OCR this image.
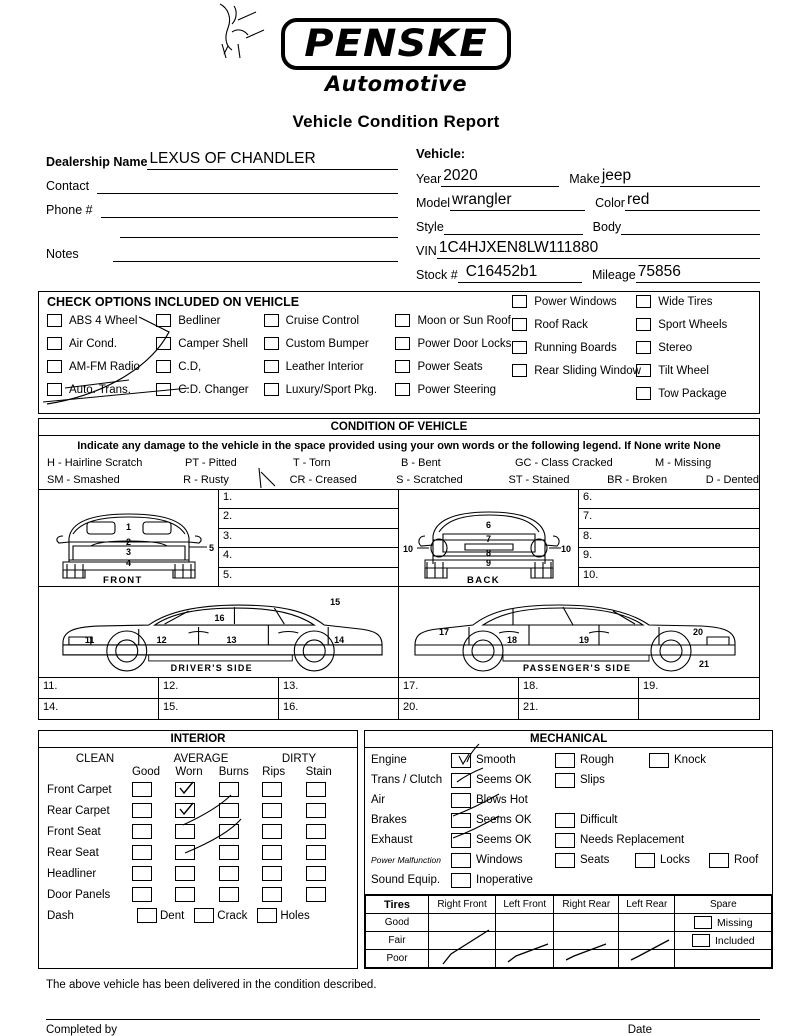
PENSKE
Automotive
Vehicle Condition Report
Dealership Name LEXUS OF CHANDLER
Contact
Phone #
Notes
Vehicle:
Year 2020	Make jeep
Model wrangler	Color red
Style	Body
VIN 1C4HJXEN8LW111880
Stock # C16452b1	Mileage 75856
CHECK OPTIONS INCLUDED ON VEHICLE
ABS 4 Wheel
Air Cond.
AM-FM Radio
Auto. Trans.
Bedliner
Camper Shell
C.D,
C.D. Changer
Cruise Control
Custom Bumper
Leather Interior
Luxury/Sport Pkg.
Moon or Sun Roof
Power Door Locks
Power Seats
Power Steering
Power Windows
Roof Rack
Running Boards
Rear Sliding Window
Wide Tires
Sport Wheels
Stereo
Tilt Wheel
Tow Package
CONDITION OF VEHICLE
Indicate any damage to the vehicle in the space provided using your own words or the following legend. If None write None
H - Hairline Scratch	PT - Pitted	T - Torn	B - Bent	GC - Class Cracked	M - Missing
SM - Smashed	R - Rusty	CR - Creased	S - Scratched	ST - Stained	BR - Broken	D - Dented
1
2
3
4
5
FRONT
1.
2.
3.
4.
5.
6
7
8
9
10	10
BACK
6.
7.
8.
9.
10.
11	12	13	14
15
16
DRIVER'S SIDE
17
18	19
20
21
PASSENGER'S SIDE
11.	12.	13.	17.	18.	19.
14.	15.	16.	20.	21.
INTERIOR
CLEAN	AVERAGE	DIRTY
Good	Worn	Burns	Rips	Stain
Front Carpet
Rear Carpet
Front Seat
Rear Seat
Headliner
Door Panels
Dash	Dent	Crack	Holes
MECHANICAL
Engine	Smooth	Rough	Knock
Trans / Clutch	Seems OK	Slips
Air	Blows Hot
Brakes	Seems OK	Difficult
Exhaust	Seems OK	Needs Replacement
Power Malfunction	Windows	Seats	Locks	Roof
Sound Equip.	Inoperative
Tires	Right Front	Left Front	Right Rear	Left Rear	Spare
Good					Missing

Fair					Included

Poor	

The above vehicle has been delivered in the condition described.
Completed by	Date
